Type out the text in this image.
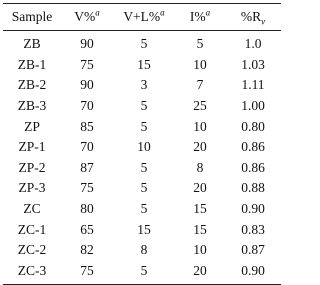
Sample	V%$^a$	V+L%$^a$	I%$^a$	$\%R_v$
ZB	90	5	5	1.0
ZB-1	75	15	10	1.03
ZB-2	90	3	7	1.11
ZB-3	70	5	25	1.00
ZP	85	5	10	0.80
ZP-1	70	10	20	0.86
ZP-2	87	5	8	0.86
ZP-3	75	5	20	0.88
ZC	80	5	15	0.90
ZC-1	65	15	15	0.83
ZC-2	82	8	10	0.87
ZC-3	75	5	20	0.90
